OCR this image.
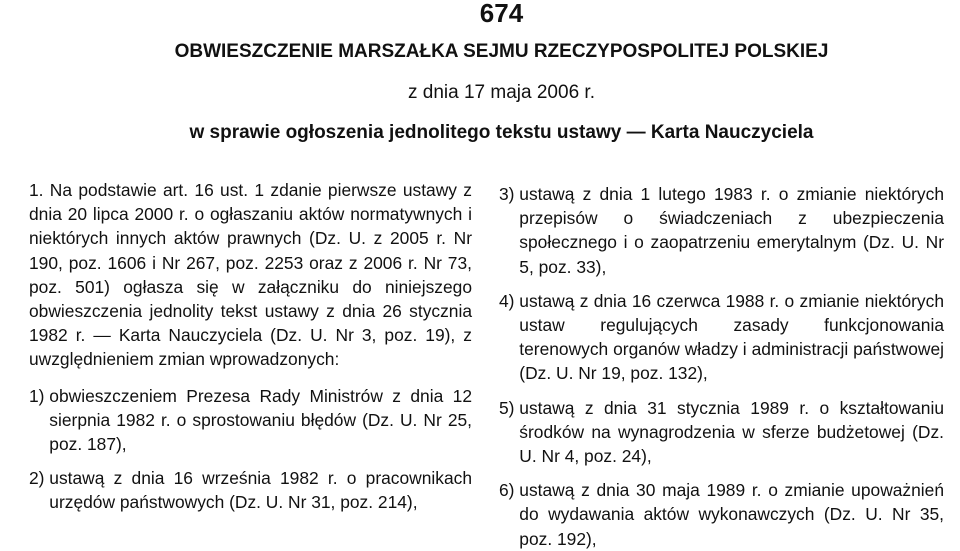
674
OBWIESZCZENIE MARSZAŁKA SEJMU RZECZYPOSPOLITEJ POLSKIEJ
z dnia 17 maja 2006 r.
w sprawie ogłoszenia jednolitego tekstu ustawy — Karta Nauczyciela

1. Na podstawie art. 16 ust. 1 zdanie pierwsze ustawy z dnia 20 lipca 2000 r. o ogłaszaniu aktów normatywnych i niektórych innych aktów prawnych (Dz. U. z 2005 r. Nr 190, poz. 1606 i Nr 267, poz. 2253 oraz z 2006 r. Nr 73, poz. 501) ogłasza się w załączniku do niniejszego obwieszczenia jednolity tekst ustawy z dnia 26 stycznia 1982 r. — Karta Nauczyciela (Dz. U. Nr 3, poz. 19), z uwzględnieniem zmian wprowadzonych:

1) obwieszczeniem Prezesa Rady Ministrów z dnia 12 sierpnia 1982 r. o sprostowaniu błędów (Dz. U. Nr 25, poz. 187),
2) ustawą z dnia 16 września 1982 r. o pracownikach urzędów państwowych (Dz. U. Nr 31, poz. 214),
3) ustawą z dnia 1 lutego 1983 r. o zmianie niektórych przepisów o świadczeniach z ubezpieczenia społecznego i o zaopatrzeniu emerytalnym (Dz. U. Nr 5, poz. 33),
4) ustawą z dnia 16 czerwca 1988 r. o zmianie niektórych ustaw regulujących zasady funkcjonowania terenowych organów władzy i administracji państwowej (Dz. U. Nr 19, poz. 132),
5) ustawą z dnia 31 stycznia 1989 r. o kształtowaniu środków na wynagrodzenia w sferze budżetowej (Dz. U. Nr 4, poz. 24),
6) ustawą z dnia 30 maja 1989 r. o zmianie upoważnień do wydawania aktów wykonawczych (Dz. U. Nr 35, poz. 192),
